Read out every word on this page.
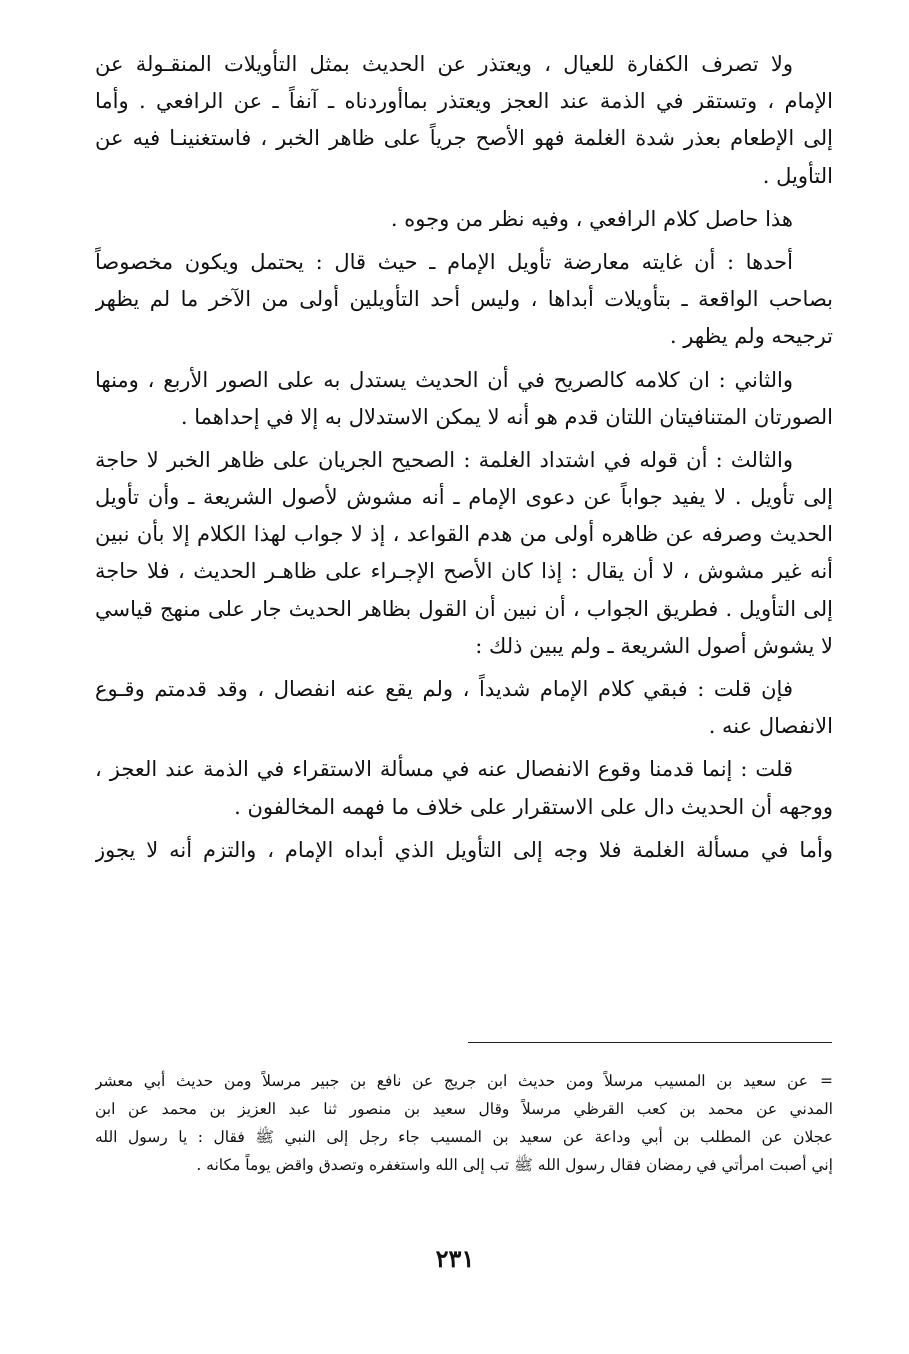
ولا تصرف الكفارة للعيال ، ويعتذر عن الحديث بمثل التأويلات المنقـولة عن
الإمام ، وتستقر في الذمة عند العجز ويعتذر بماأوردناه ـ آنفاً ـ عن الرافعي . وأما
إلى الإطعام بعذر شدة الغلمة فهو الأصح جرياً على ظاهر الخبر ، فاستغنينـا فيه عن
التأويل .

هذا حاصل كلام الرافعي ، وفيه نظر من وجوه .

أحدها : أن غايته معارضة تأويل الإمام ـ حيث قال : يحتمل ويكون مخصوصاً
بصاحب الواقعة ـ بتأويلات أبداها ، وليس أحد التأويلين أولى من الآخر ما لم يظهر
ترجيحه ولم يظهر .

والثاني : ان كلامه كالصريح في أن الحديث يستدل به على الصور الأربع ، ومنها
الصورتان المتنافيتان اللتان قدم هو أنه لا يمكن الاستدلال به إلا في إحداهما .

والثالث : أن قوله في اشتداد الغلمة : الصحيح الجريان على ظاهر الخبر لا حاجة
إلى تأويل . لا يفيد جواباً عن دعوى الإمام ـ أنه مشوش لأصول الشريعة ـ وأن تأويل
الحديث وصرفه عن ظاهره أولى من هدم القواعد ، إذ لا جواب لهذا الكلام إلا بأن نبين
أنه غير مشوش ، لا أن يقال : إذا كان الأصح الإجـراء على ظاهـر الحديث ، فلا حاجة
إلى التأويل . فطريق الجواب ، أن نبين أن القول بظاهر الحديث جار على منهج قياسي
لا يشوش أصول الشريعة ـ ولم يبين ذلك :

فإن قلت : فبقي كلام الإمام شديداً ، ولم يقع عنه انفصال ، وقد قدمتم وقـوع
الانفصال عنه .

قلت : إنما قدمنا وقوع الانفصال عنه في مسألة الاستقراء في الذمة عند العجز ،
ووجهه أن الحديث دال على الاستقرار على خلاف ما فهمه المخالفون .

وأما في مسألة الغلمة فلا وجه إلى التأويل الذي أبداه الإمام ، والتزم أنه لا يجوز

=عن سعيد بن المسيب مرسلاً ومن حديث ابن جريج عن نافع بن جبير مرسلاً ومن حديث أبي معشر
المدني عن محمد بن كعب القرظي مرسلاً وقال سعيد بن منصور ثنا عبد العزيز بن محمد عن ابن
عجلان عن المطلب بن أبي وداعة عن سعيد بن المسيب جاء رجل إلى النبي ﷺ فقال : يا رسول الله
إني أصبت امرأتي في رمضان فقال رسول الله ﷺ تب إلى الله واستغفره وتصدق واقض يوماً مكانه .
٢٣١
